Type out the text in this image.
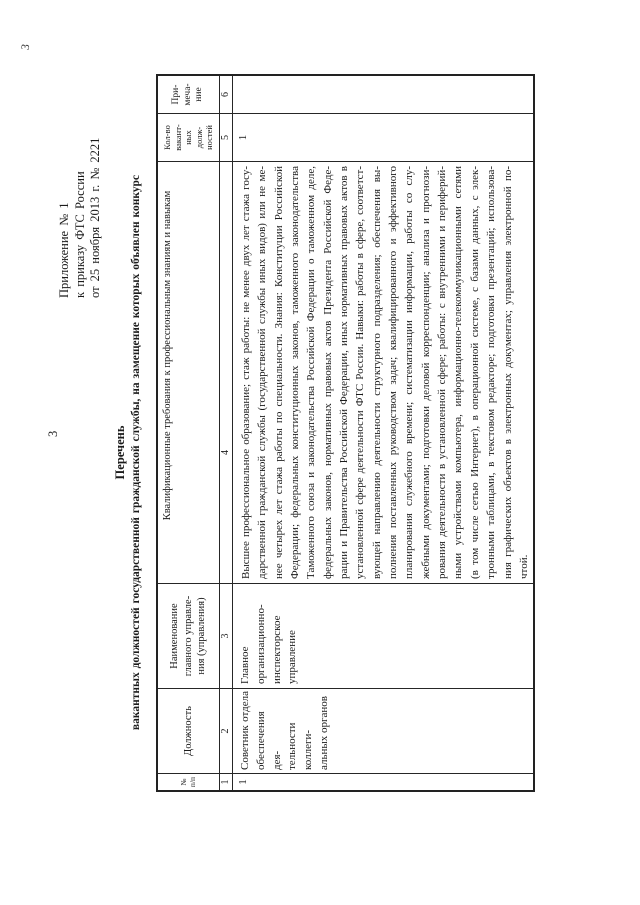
Приложение № 1 к приказу ФТС России от 25 ноября 2013 г. № 2221
3
3
Перечень вакантных должностей государственной гражданской службы, на замещение которых объявлен конкурс
№ п/п
Должность
Наименование главного управле- ния (управления)
Квалификационные требования к профессиональным знаниям и навыкам
Кол-во вакант- ных долж- ностей
При- меча- ние
1
2
3
4
5
6
1
Советник отдела обеспечения дея- тельности коллеги- альных органов
Главное организационно- инспекторское управление
Высшее профессиональное образование; стаж работы: не менее двух лет стажа госу- дарственной гражданской службы (государственной службы иных видов) или не ме- нее четырех лет стажа работы по специальности. Знания: Конституции Российской Федерации; федеральных конституционных законов, таможенного законодательства Таможенного союза и законодательства Российской Федерации о таможенном деле, федеральных законов, нормативных правовых актов Президента Российской Феде- рации и Правительства Российской Федерации, иных нормативных правовых актов в установленной сфере деятельности ФТС России. Навыки: работы в сфере, соответст- вующей направлению деятельности структурного подразделения; обеспечения вы- полнения поставленных руководством задач; квалифицированного и эффективного планирования служебного времени; систематизации информации, работы со слу- жебными документами; подготовки деловой корреспонденции; анализа и прогнози- рования деятельности в установленной сфере; работы: с внутренними и периферий- ными устройствами компьютера, информационно-телекоммуникационными сетями (в том числе сетью Интернет), в операционной системе, с базами данных, с элек- тронными таблицами, в текстовом редакторе; подготовки презентаций; использова- ния графических объектов в электронных документах; управления электронной по- чтой.
1
